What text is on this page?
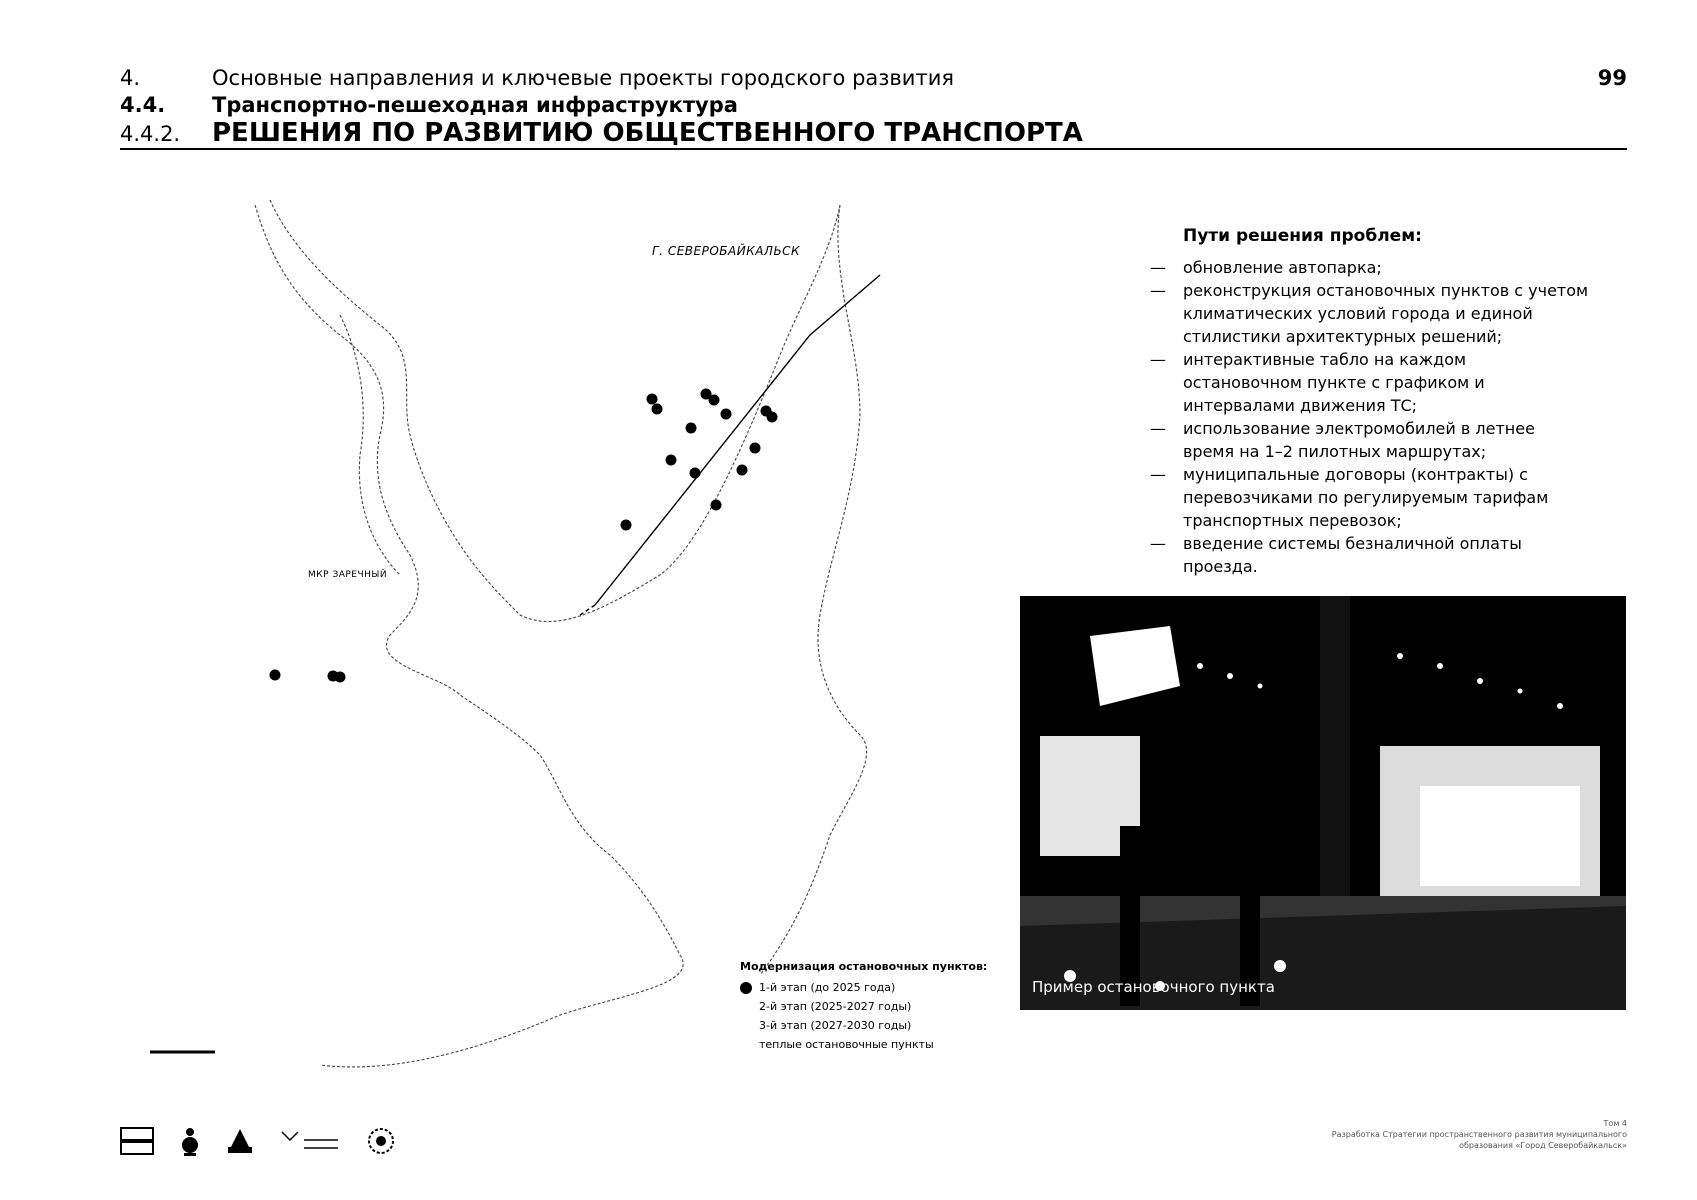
4.	Основные направления и ключевые проекты городского развития
4.4.	Транспортно-пешеходная инфраструктура
4.4.2.	РЕШЕНИЯ ПО РАЗВИТИЮ ОБЩЕСТВЕННОГО ТРАНСПОРТА
99
Г. СЕВЕРОБАЙКАЛЬСК
МКР ЗАРЕЧНЫЙ
Модернизация остановочных пунктов:
1-й этап (до 2025 года)
2-й этап (2025-2027 годы)
3-й этап (2027-2030 годы)
теплые остановочные пункты
Пути решения проблем:
—	обновление автопарка;
—	реконструкция остановочных пунктов с учетом климатических условий города и единой стилистики архитектурных решений;
—	интерактивные табло на каждом остановочном пункте с графиком и интервалами движения ТС;
—	использование электромобилей в летнее время на 1–2 пилотных маршрутах;
—	муниципальные договоры (контракты) с перевозчиками по регулируемым тарифам транспортных перевозок;
—	введение системы безналичной оплаты проезда.
Пример остановочного пункта
Том 4
Разработка Стратегии пространственного развития муниципального
образования «Город Северобайкальск»
